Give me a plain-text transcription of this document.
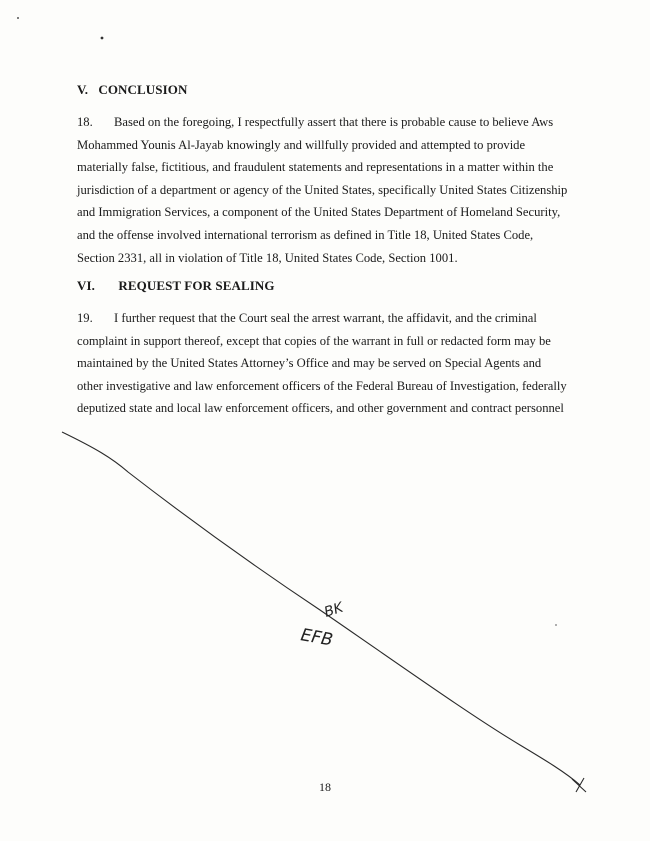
V. CONCLUSION

18. Based on the foregoing, I respectfully assert that there is probable cause to believe Aws
Mohammed Younis Al-Jayab knowingly and willfully provided and attempted to provide
materially false, fictitious, and fraudulent statements and representations in a matter within the
jurisdiction of a department or agency of the United States, specifically United States Citizenship
and Immigration Services, a component of the United States Department of Homeland Security,
and the offense involved international terrorism as defined in Title 18, United States Code,
Section 2331, all in violation of Title 18, United States Code, Section 1001.

VI. REQUEST FOR SEALING

19. I further request that the Court seal the arrest warrant, the affidavit, and the criminal
complaint in support thereof, except that copies of the warrant in full or redacted form may be
maintained by the United States Attorney’s Office and may be served on Special Agents and
other investigative and law enforcement officers of the Federal Bureau of Investigation, federally
deputized state and local law enforcement officers, and other government and contract personnel

BK
EFB
18
